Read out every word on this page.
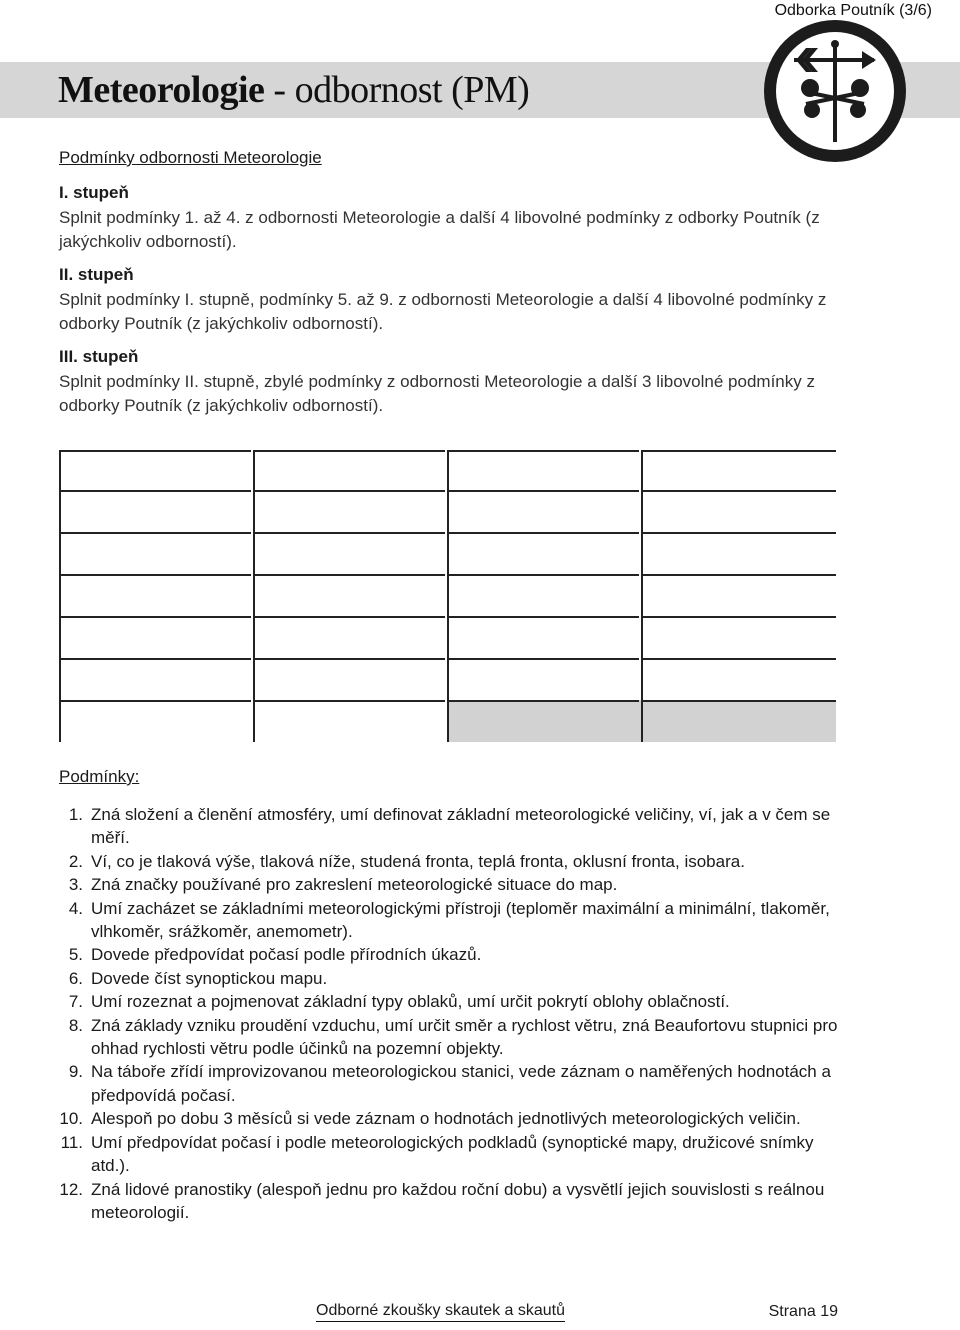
Odborka Poutník (3/6)
Meteorologie - odbornost (PM)
Podmínky odbornosti Meteorologie
I. stupeň
Splnit podmínky 1. až 4. z odbornosti Meteorologie a další 4 libovolné podmínky z odborky Poutník (z jakýchkoliv odborností).
II. stupeň
Splnit podmínky I. stupně, podmínky 5. až 9. z odbornosti Meteorologie a další 4 libovolné podmínky z odborky Poutník (z jakýchkoliv odborností).
III. stupeň
Splnit podmínky II. stupně, zbylé podmínky z odbornosti Meteorologie a další 3 libovolné podmínky z odborky Poutník (z jakýchkoliv odborností).
Podmínky:
1. Zná složení a členění atmosféry, umí definovat základní meteorologické veličiny, ví, jak a v čem se měří.
2. Ví, co je tlaková výše, tlaková níže, studená fronta, teplá fronta, oklusní fronta, isobara.
3. Zná značky používané pro zakreslení meteorologické situace do map.
4. Umí zacházet se základními meteorologickými přístroji (teploměr maximální a minimální, tlakoměr, vlhkoměr, srážkoměr, anemometr).
5. Dovede předpovídat počasí podle přírodních úkazů.
6. Dovede číst synoptickou mapu.
7. Umí rozeznat a pojmenovat základní typy oblaků, umí určit pokrytí oblohy oblačností.
8. Zná základy vzniku proudění vzduchu, umí určit směr a rychlost větru, zná Beaufortovu stupnici pro ohhad rychlosti větru podle účinků na pozemní objekty.
9. Na táboře zřídí improvizovanou meteorologickou stanici, vede záznam o naměřených hodnotách a předpovídá počasí.
10. Alespoň po dobu 3 měsíců si vede záznam o hodnotách jednotlivých meteorologických veličin.
11. Umí předpovídat počasí i podle meteorologických podkladů (synoptické mapy, družicové snímky atd.).
12. Zná lidové pranostiky (alespoň jednu pro každou roční dobu) a vysvětlí jejich souvislosti s reálnou meteorologií.
Odborné zkoušky skautek a skautů	Strana 19
